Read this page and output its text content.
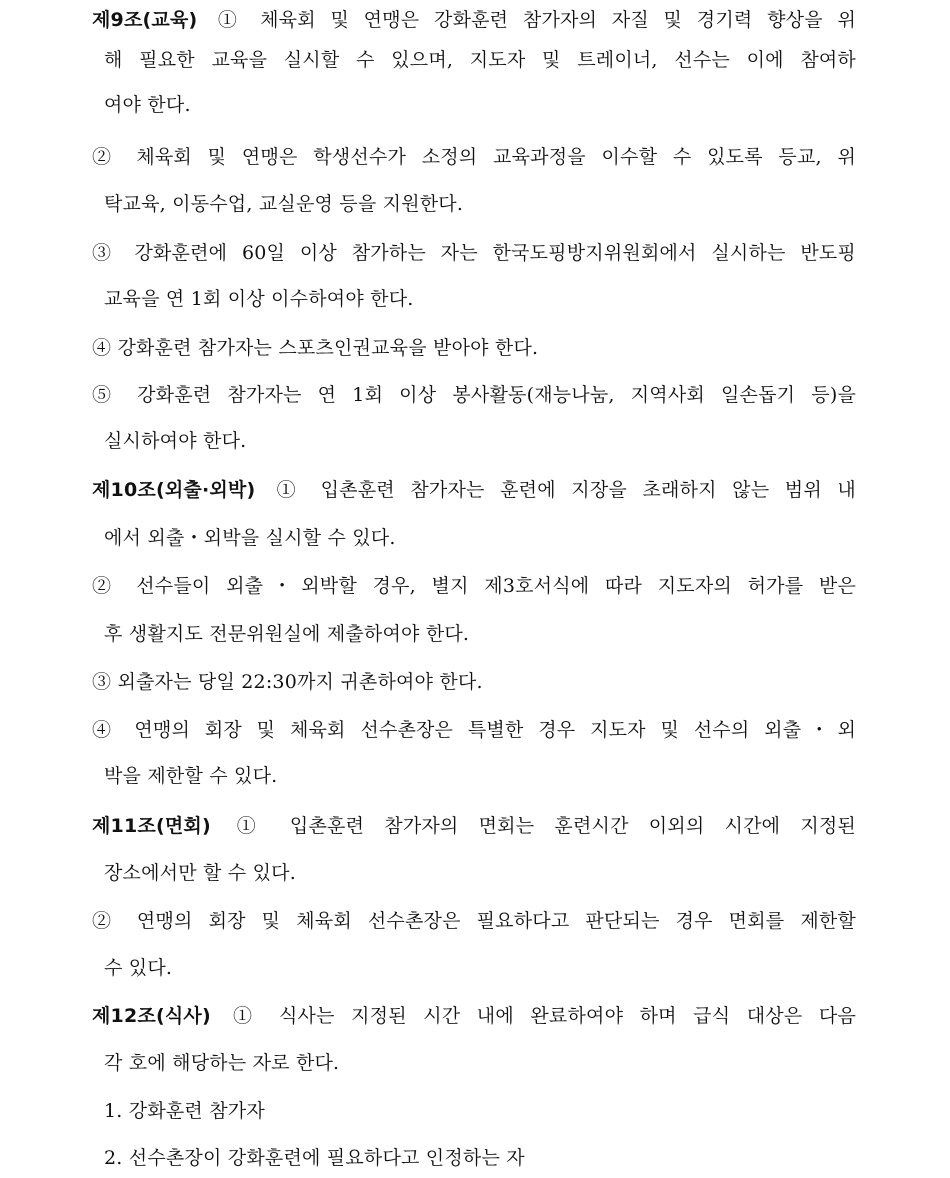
제9조(교육) ① 체육회 및 연맹은 강화훈련 참가자의 자질 및 경기력 향상을 위
해 필요한 교육을 실시할 수 있으며, 지도자 및 트레이너, 선수는 이에 참여하
여야 한다.
② 체육회 및 연맹은 학생선수가 소정의 교육과정을 이수할 수 있도록 등교, 위
탁교육, 이동수업, 교실운영 등을 지원한다.
③ 강화훈련에 60일 이상 참가하는 자는 한국도핑방지위원회에서 실시하는 반도핑
교육을 연 1회 이상 이수하여야 한다.
④ 강화훈련 참가자는 스포츠인권교육을 받아야 한다.
⑤ 강화훈련 참가자는 연 1회 이상 봉사활동(재능나눔, 지역사회 일손돕기 등)을
실시하여야 한다.
제10조(외출·외박) ① 입촌훈련 참가자는 훈련에 지장을 초래하지 않는 범위 내
에서 외출・외박을 실시할 수 있다.
② 선수들이 외출・외박할 경우, 별지 제3호서식에 따라 지도자의 허가를 받은
후 생활지도 전문위원실에 제출하여야 한다.
③ 외출자는 당일 22:30까지 귀촌하여야 한다.
④ 연맹의 회장 및 체육회 선수촌장은 특별한 경우 지도자 및 선수의 외출・외
박을 제한할 수 있다.
제11조(면회) ① 입촌훈련 참가자의 면회는 훈련시간 이외의 시간에 지정된
장소에서만 할 수 있다.
② 연맹의 회장 및 체육회 선수촌장은 필요하다고 판단되는 경우 면회를 제한할
수 있다.
제12조(식사) ① 식사는 지정된 시간 내에 완료하여야 하며 급식 대상은 다음
각 호에 해당하는 자로 한다.
1. 강화훈련 참가자
2. 선수촌장이 강화훈련에 필요하다고 인정하는 자
